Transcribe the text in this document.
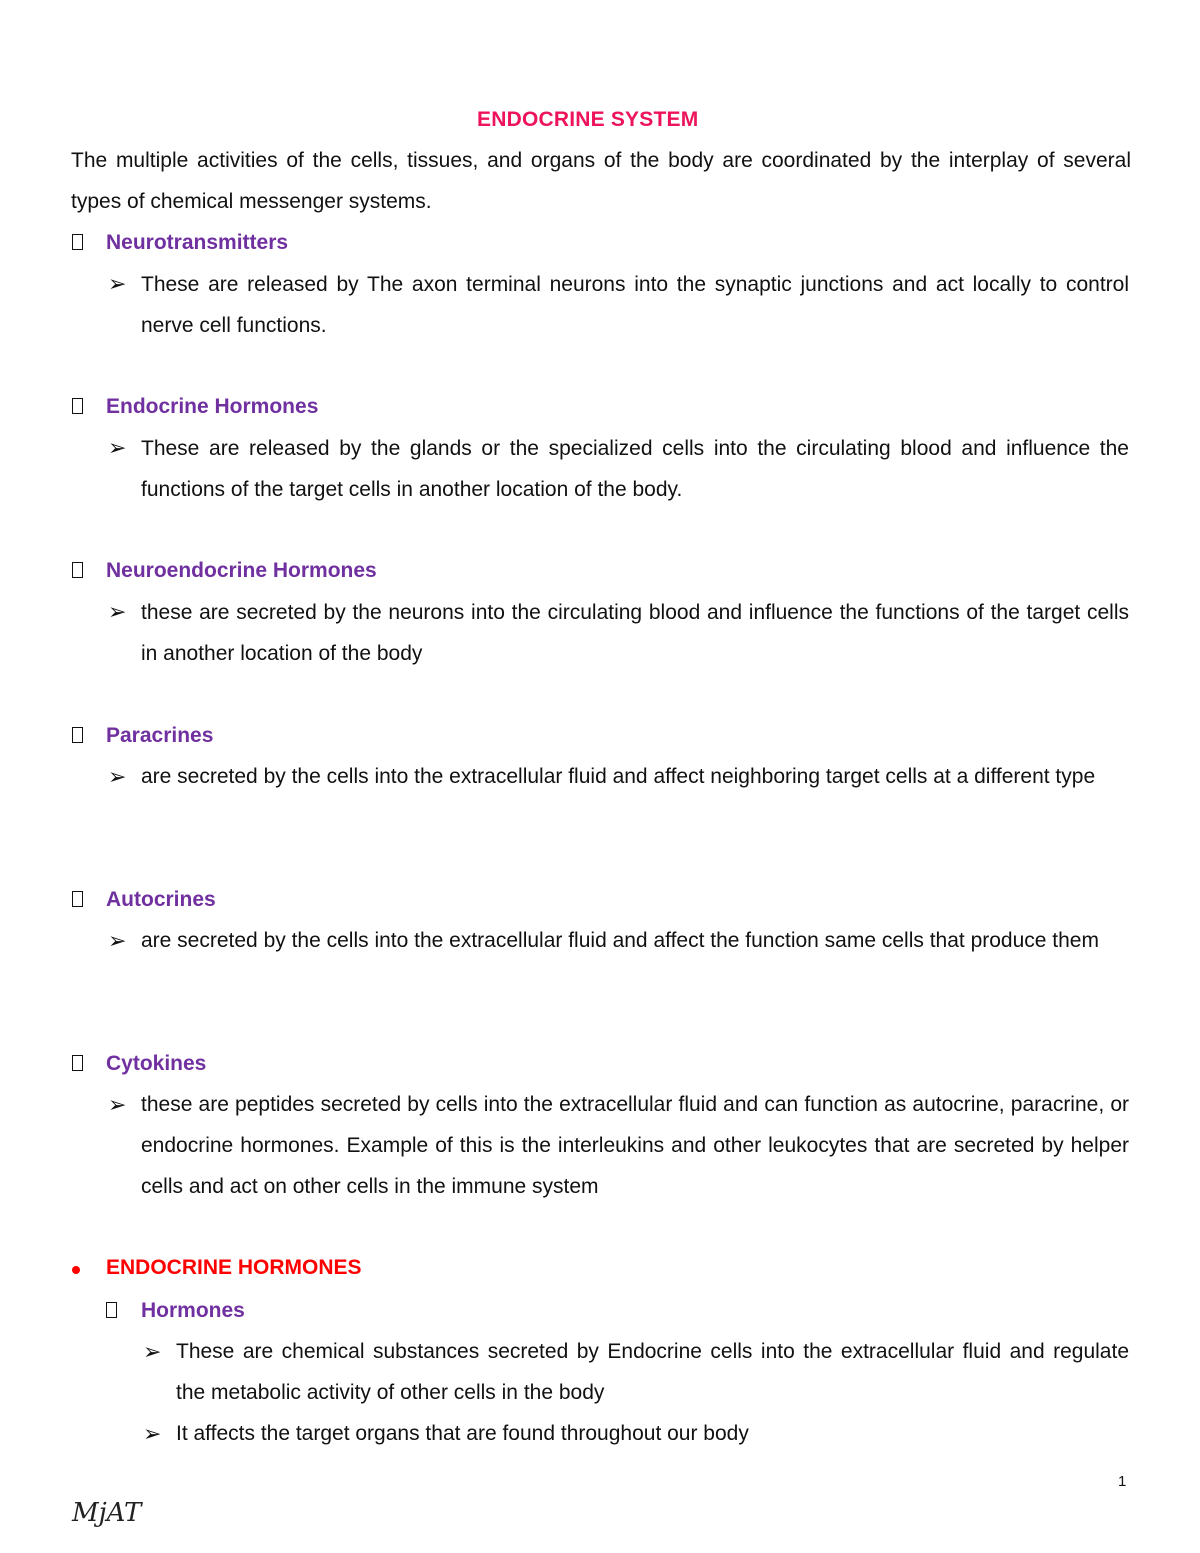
ENDOCRINE SYSTEM
The multiple activities of the cells, tissues, and organs of the body are coordinated by the interplay of several types of chemical messenger systems.
Neurotransmitters
➢ These are released by The axon terminal neurons into the synaptic junctions and act locally to control nerve cell functions.
Endocrine Hormones
➢ These are released by the glands or the specialized cells into the circulating blood and influence the functions of the target cells in another location of the body.
Neuroendocrine Hormones
➢ these are secreted by the neurons into the circulating blood and influence the functions of the target cells in another location of the body
Paracrines
➢ are secreted by the cells into the extracellular fluid and affect neighboring target cells at a different type
Autocrines
➢ are secreted by the cells into the extracellular fluid and affect the function same cells that produce them
Cytokines
➢ these are peptides secreted by cells into the extracellular fluid and can function as autocrine, paracrine, or endocrine hormones. Example of this is the interleukins and other leukocytes that are secreted by helper cells and act on other cells in the immune system
ENDOCRINE HORMONES
Hormones
➢ These are chemical substances secreted by Endocrine cells into the extracellular fluid and regulate the metabolic activity of other cells in the body
➢ It affects the target organs that are found throughout our body
1
MjAT
